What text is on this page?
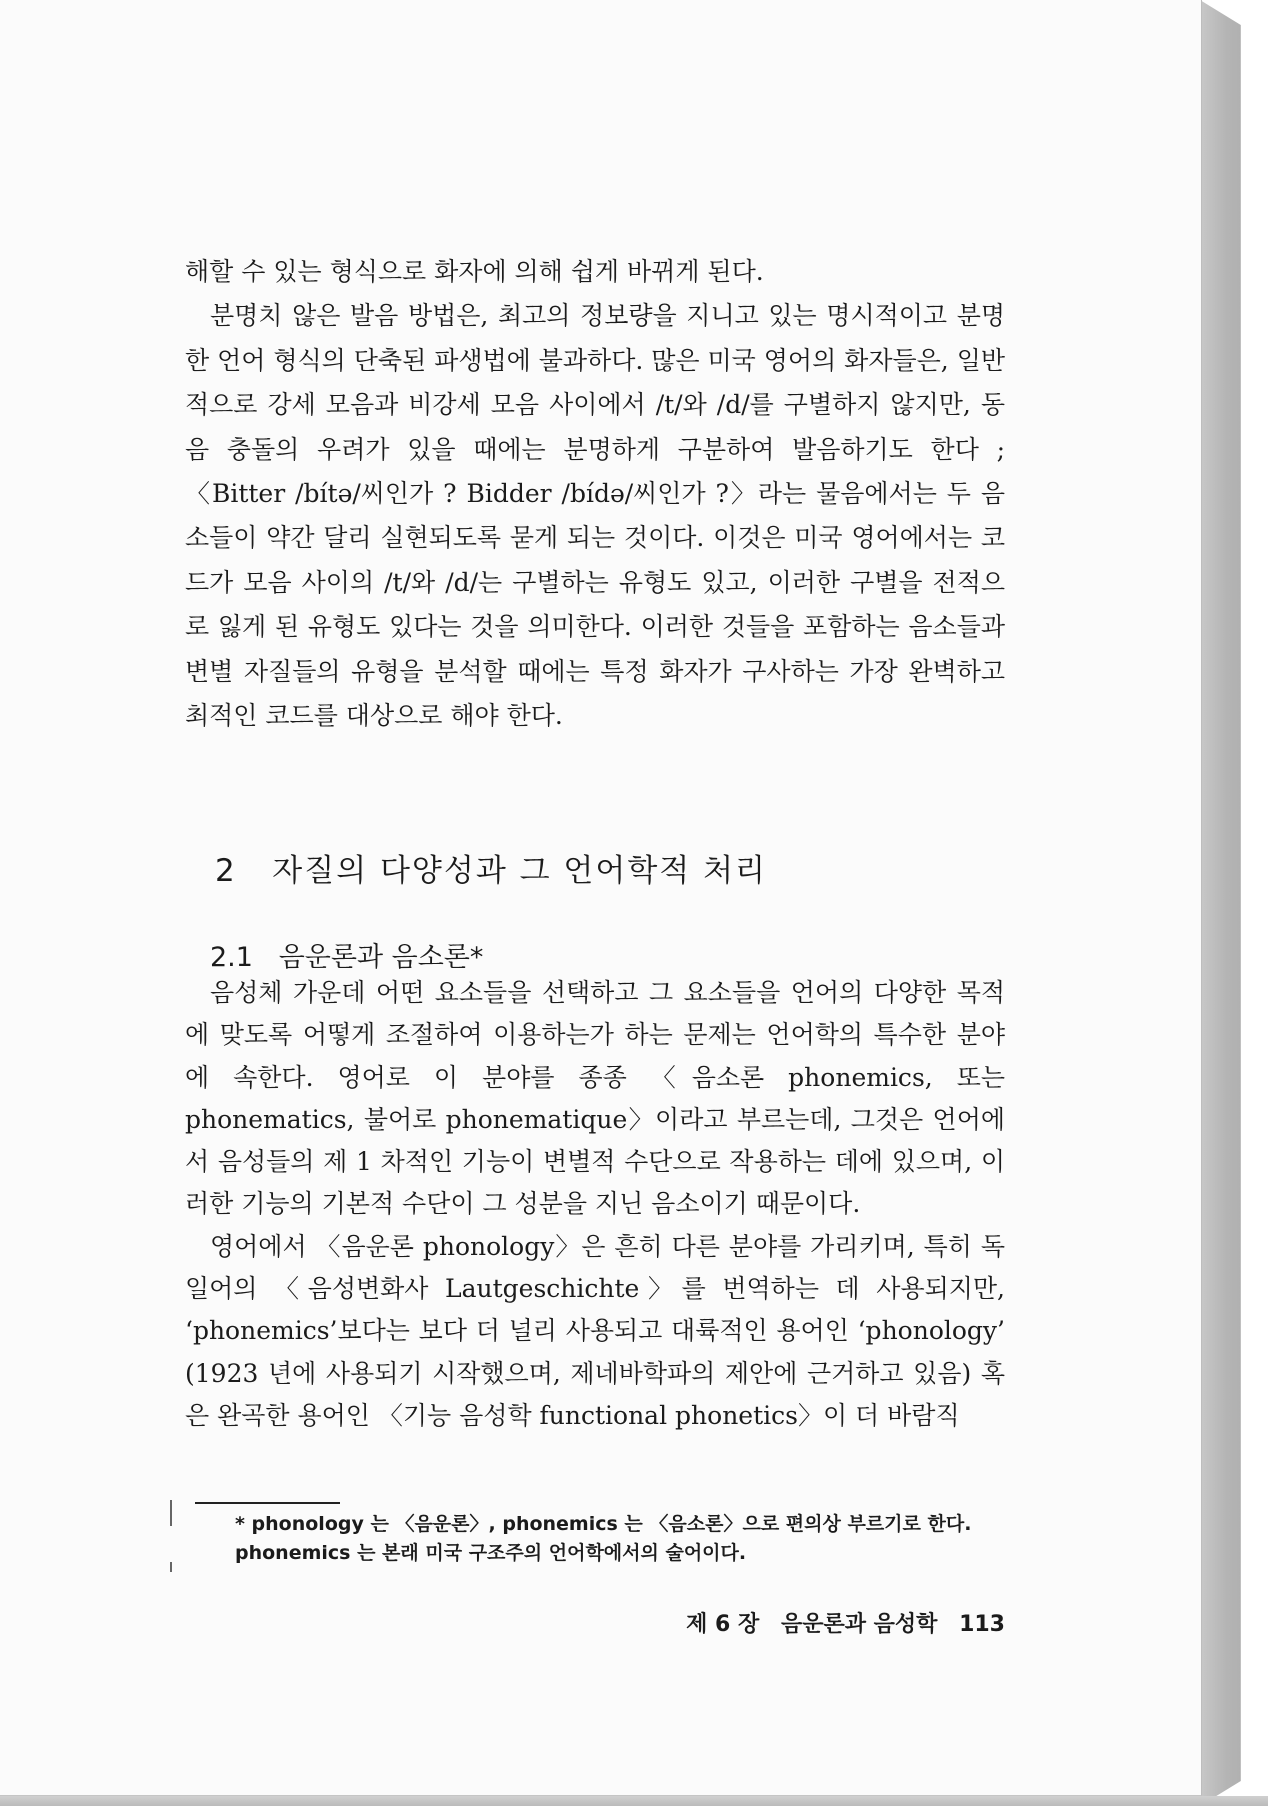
해할 수 있는 형식으로 화자에 의해 쉽게 바뀌게 된다.

분명치 않은 발음 방법은, 최고의 정보량을 지니고 있는 명시적이고 분명한 언어 형식의 단축된 파생법에 불과하다. 많은 미국 영어의 화자들은, 일반적으로 강세 모음과 비강세 모음 사이에서 /t/와 /d/를 구별하지 않지만, 동음 충돌의 우려가 있을 때에는 분명하게 구분하여 발음하기도 한다 ; 〈Bitter /bítə/씨인가 ? Bidder /bídə/씨인가 ?〉라는 물음에서는 두 음소들이 약간 달리 실현되도록 묻게 되는 것이다. 이것은 미국 영어에서는 코드가 모음 사이의 /t/와 /d/는 구별하는 유형도 있고, 이러한 구별을 전적으로 잃게 된 유형도 있다는 것을 의미한다. 이러한 것들을 포함하는 음소들과 변별 자질들의 유형을 분석할 때에는 특정 화자가 구사하는 가장 완벽하고 최적인 코드를 대상으로 해야 한다.

2 자질의 다양성과 그 언어학적 처리
2.1 음운론과 음소론*

음성체 가운데 어떤 요소들을 선택하고 그 요소들을 언어의 다양한 목적에 맞도록 어떻게 조절하여 이용하는가 하는 문제는 언어학의 특수한 분야에 속한다. 영어로 이 분야를 종종 〈음소론 phonemics, 또는 phonematics, 불어로 phonematique〉이라고 부르는데, 그것은 언어에서 음성들의 제 1 차적인 기능이 변별적 수단으로 작용하는 데에 있으며, 이러한 기능의 기본적 수단이 그 성분을 지닌 음소이기 때문이다.

영어에서 〈음운론 phonology〉은 흔히 다른 분야를 가리키며, 특히 독일어의 〈음성변화사 Lautgeschichte〉를 번역하는 데 사용되지만, ‘phonemics’보다는 보다 더 널리 사용되고 대륙적인 용어인 ‘phonology’ (1923 년에 사용되기 시작했으며, 제네바학파의 제안에 근거하고 있음) 혹은 완곡한 용어인 〈기능 음성학 functional phonetics〉이 더 바람직

* phonology 는 〈음운론〉, phonemics 는 〈음소론〉으로 편의상 부르기로 한다.

phonemics 는 본래 미국 구조주의 언어학에서의 술어이다.

제 6 장 음운론과 음성학 113
